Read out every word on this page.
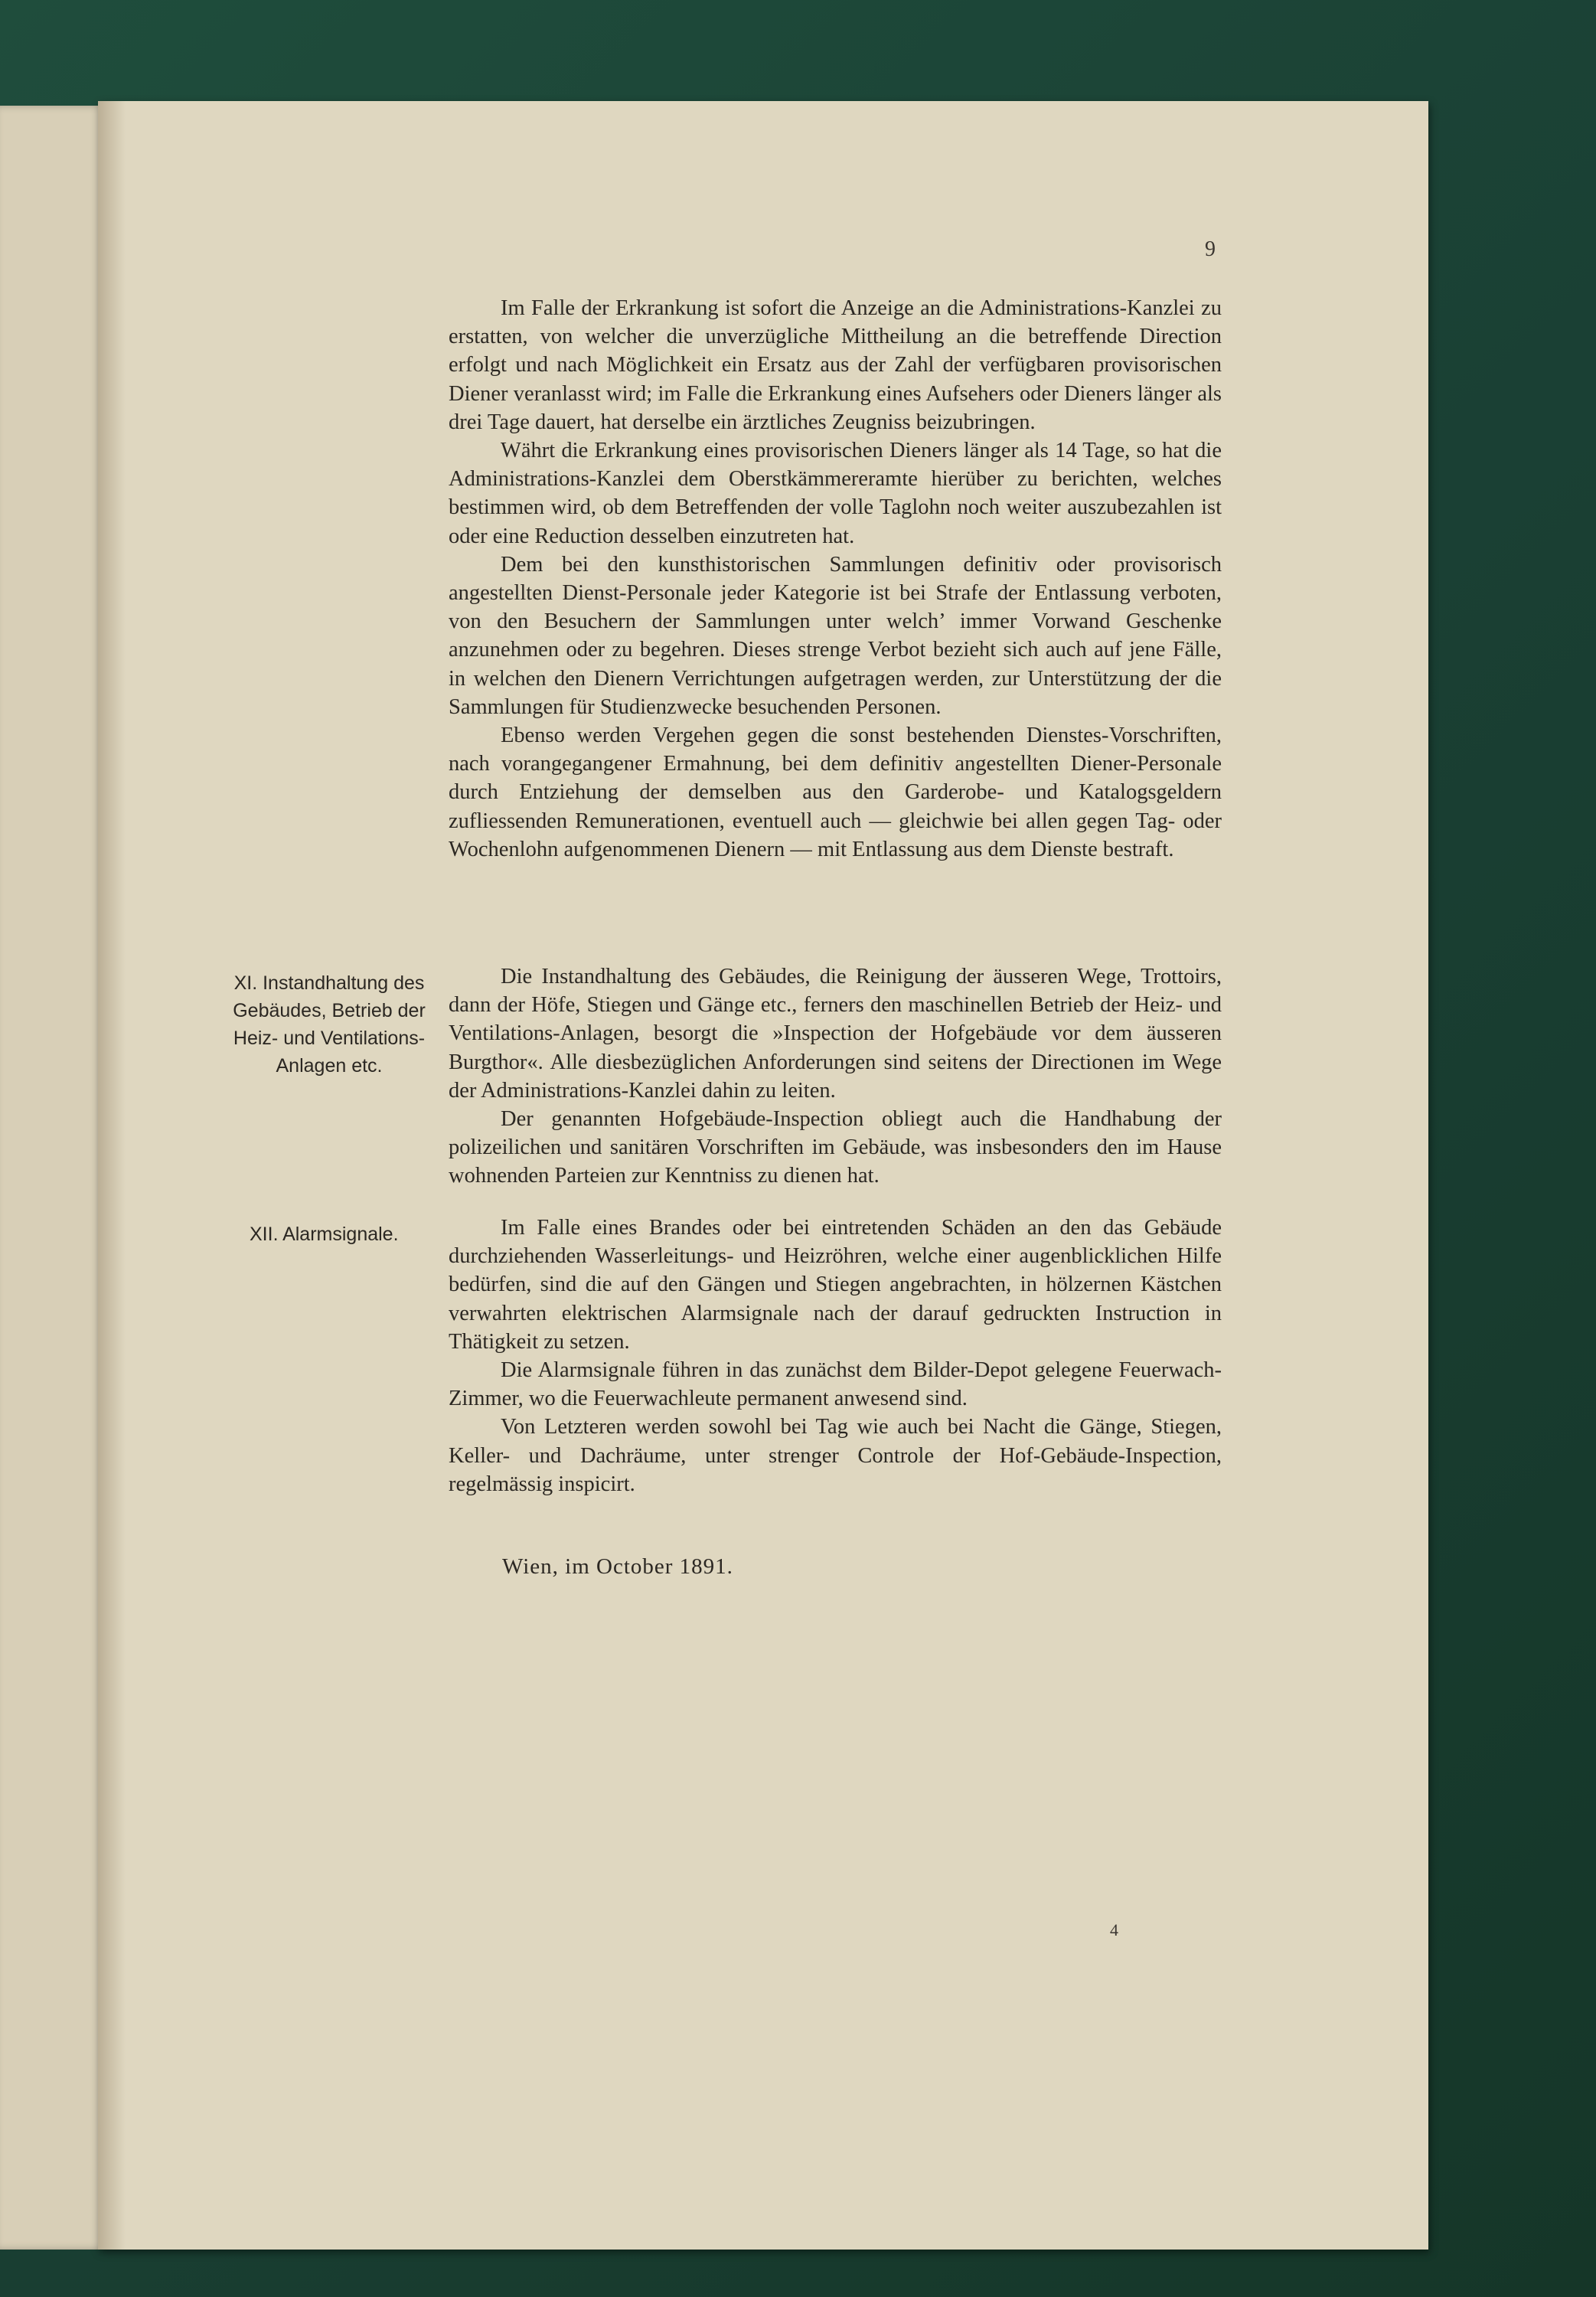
9

Im Falle der Erkrankung ist sofort die Anzeige an die Administrations-Kanzlei zu erstatten, von welcher die unverzügliche Mittheilung an die betreffende Direction erfolgt und nach Möglichkeit ein Ersatz aus der Zahl der verfügbaren provisorischen Diener veranlasst wird; im Falle die Erkrankung eines Aufsehers oder Dieners länger als drei Tage dauert, hat derselbe ein ärztliches Zeugniss beizubringen.

Währt die Erkrankung eines provisorischen Dieners länger als 14 Tage, so hat die Administrations-Kanzlei dem Oberstkämmereramte hierüber zu berichten, welches bestimmen wird, ob dem Betreffenden der volle Taglohn noch weiter auszubezahlen ist oder eine Reduction desselben einzutreten hat.

Dem bei den kunsthistorischen Sammlungen definitiv oder provisorisch angestellten Dienst-Personale jeder Kategorie ist bei Strafe der Entlassung verboten, von den Besuchern der Sammlungen unter welch’ immer Vorwand Geschenke anzunehmen oder zu begehren. Dieses strenge Verbot bezieht sich auch auf jene Fälle, in welchen den Dienern Verrichtungen aufgetragen werden, zur Unterstützung der die Sammlungen für Studienzwecke besuchenden Personen.

Ebenso werden Vergehen gegen die sonst bestehenden Dienstes-Vorschriften, nach vorangegangener Ermahnung, bei dem definitiv angestellten Diener-Personale durch Entziehung der demselben aus den Garderobe- und Katalogsgeldern zufliessenden Remunerationen, eventuell auch — gleichwie bei allen gegen Tag- oder Wochenlohn aufgenommenen Dienern — mit Entlassung aus dem Dienste bestraft.

XI. Instandhaltung des Gebäudes, Betrieb der Heiz- und Ventilations-Anlagen etc.

Die Instandhaltung des Gebäudes, die Reinigung der äusseren Wege, Trottoirs, dann der Höfe, Stiegen und Gänge etc., ferners den maschinellen Betrieb der Heiz- und Ventilations-Anlagen, besorgt die »Inspection der Hofgebäude vor dem äusseren Burgthor«. Alle diesbezüglichen Anforderungen sind seitens der Directionen im Wege der Administrations-Kanzlei dahin zu leiten.

Der genannten Hofgebäude-Inspection obliegt auch die Handhabung der polizeilichen und sanitären Vorschriften im Gebäude, was insbesonders den im Hause wohnenden Parteien zur Kenntniss zu dienen hat.

XII. Alarmsignale.	Im Falle eines Brandes oder bei eintretenden Schäden an den das Gebäude durchziehenden Wasserleitungs- und Heizröhren, welche einer augenblicklichen Hilfe bedürfen, sind die auf den Gängen und Stiegen angebrachten, in hölzernen Kästchen verwahrten elektrischen Alarmsignale nach der darauf gedruckten Instruction in Thätigkeit zu setzen.

Die Alarmsignale führen in das zunächst dem Bilder-Depot gelegene Feuerwach-Zimmer, wo die Feuerwachleute permanent anwesend sind.

Von Letzteren werden sowohl bei Tag wie auch bei Nacht die Gänge, Stiegen, Keller- und Dachräume, unter strenger Controle der Hof-Gebäude-Inspection, regelmässig inspicirt.

Wien, im October 1891.
4
